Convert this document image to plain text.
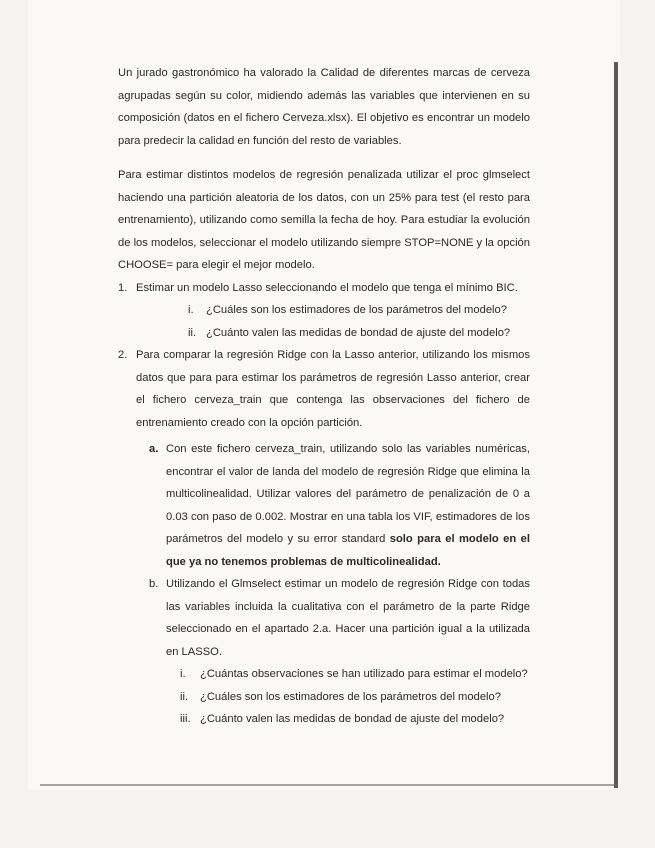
Un jurado gastronómico ha valorado la Calidad de diferentes marcas de cerveza agrupadas según su color, midiendo además las variables que intervienen en su composición (datos en el fichero Cerveza.xlsx). El objetivo es encontrar un modelo para predecir la calidad en función del resto de variables.

Para estimar distintos modelos de regresión penalizada utilizar el proc glmselect haciendo una partición aleatoria de los datos, con un 25% para test (el resto para entrenamiento), utilizando como semilla la fecha de hoy. Para estudiar la evolución de los modelos, seleccionar el modelo utilizando siempre STOP=NONE y la opción CHOOSE= para elegir el mejor modelo.

1. Estimar un modelo Lasso seleccionando el modelo que tenga el mínimo BIC.
i. ¿Cuáles son los estimadores de los parámetros del modelo?
ii. ¿Cuánto valen las medidas de bondad de ajuste del modelo?
2. Para comparar la regresión Ridge con la Lasso anterior, utilizando los mismos datos que para para estimar los parámetros de regresión Lasso anterior, crear el fichero cerveza_train que contenga las observaciones del fichero de entrenamiento creado con la opción partición.

a. Con este fichero cerveza_train, utilizando solo las variables numéricas, encontrar el valor de landa del modelo de regresión Ridge que elimina la multicolinealidad. Utilizar valores del parámetro de penalización de 0 a 0.03 con paso de 0.002. Mostrar en una tabla los VIF, estimadores de los parámetros del modelo y su error standard solo para el modelo en el que ya no tenemos problemas de multicolinealidad.

b. Utilizando el Glmselect estimar un modelo de regresión Ridge con todas las variables incluida la cualitativa con el parámetro de la parte Ridge seleccionado en el apartado 2.a. Hacer una partición igual a la utilizada en LASSO.

i. ¿Cuántas observaciones se han utilizado para estimar el modelo?
ii. ¿Cuáles son los estimadores de los parámetros del modelo?
iii. ¿Cuánto valen las medidas de bondad de ajuste del modelo?
